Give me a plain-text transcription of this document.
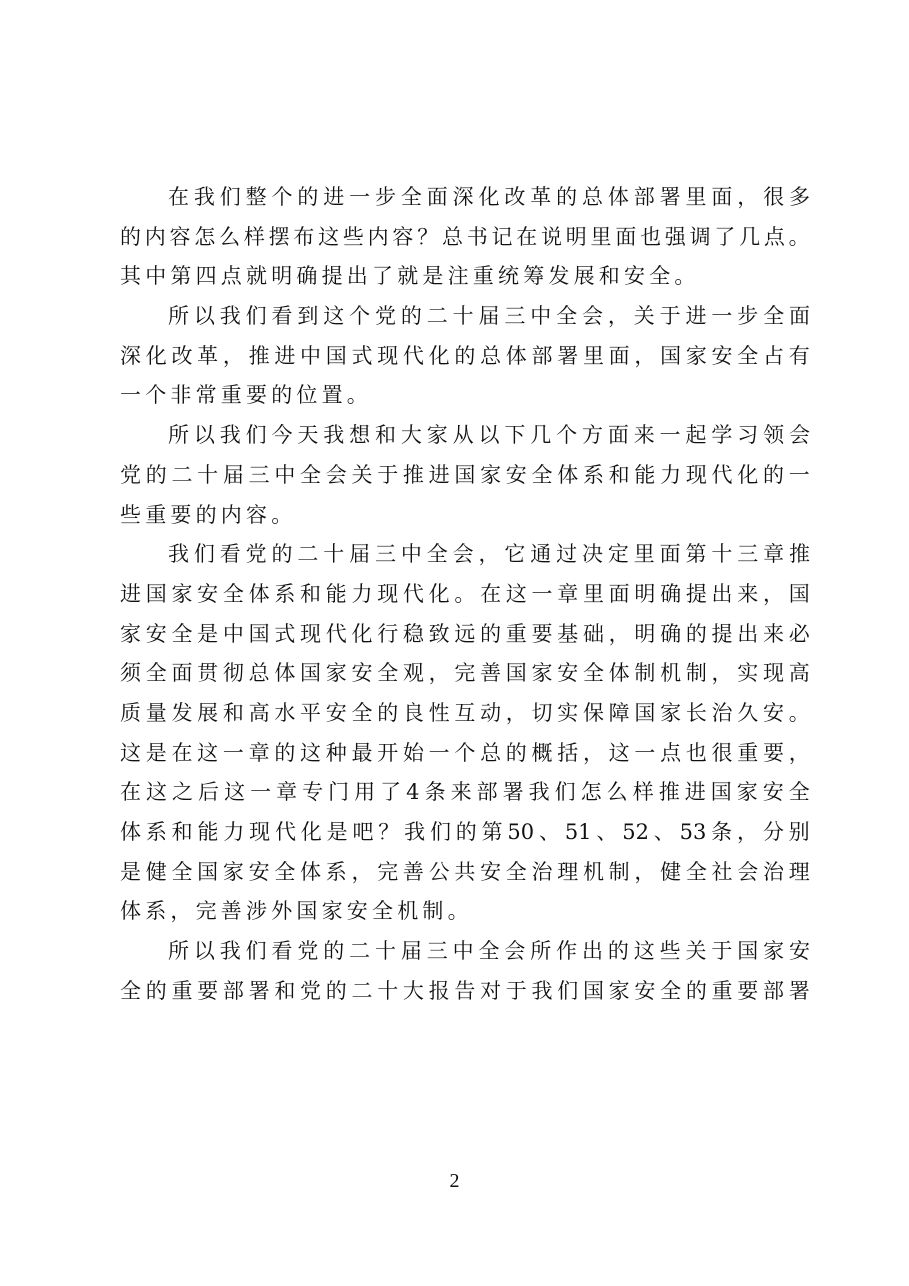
在 我 们 整 个 的 进 一 步 全 面 深 化 改 革 的 总 体 部 署 里 面 ， 很 多
的 内 容 怎 么 样 摆 布 这 些 内 容 ？ 总 书 记 在 说 明 里 面 也 强 调 了 几 点 。
其中第四点就明确提出了就是注重统筹发展和安全。
所 以 我 们 看 到 这 个 党 的 二 十 届 三 中 全 会 ， 关 于 进 一 步 全 面
深 化 改 革 ， 推 进 中 国 式 现 代 化 的 总 体 部 署 里 面 ， 国 家 安 全 占 有
一个非常重要的位置。
所 以 我 们 今 天 我 想 和 大 家 从 以 下 几 个 方 面 来 一 起 学 习 领 会
党 的 二 十 届 三 中 全 会 关 于 推 进 国 家 安 全 体 系 和 能 力 现 代 化 的 一
些重要的内容。
我 们 看 党 的 二 十 届 三 中 全 会 ， 它 通 过 决 定 里 面 第 十 三 章 推
进 国 家 安 全 体 系 和 能 力 现 代 化 。 在 这 一 章 里 面 明 确 提 出 来 ， 国
家 安 全 是 中 国 式 现 代 化 行 稳 致 远 的 重 要 基 础 ， 明 确 的 提 出 来 必
须 全 面 贯 彻 总 体 国 家 安 全 观 ， 完 善 国 家 安 全 体 制 机 制 ， 实 现 高
质 量 发 展 和 高 水 平 安 全 的 良 性 互 动 ， 切 实 保 障 国 家 长 治 久 安 。
这 是 在 这 一 章 的 这 种 最 开 始 一 个 总 的 概 括 ， 这 一 点 也 很 重 要 ，
在 这 之 后 这 一 章 专 门 用 了 4 条 来 部 署 我 们 怎 么 样 推 进 国 家 安 全
体 系 和 能 力 现 代 化 是 吧 ？ 我 们 的 第 50 、 51 、 52 、 53 条 ， 分 别
是 健 全 国 家 安 全 体 系 ， 完 善 公 共 安 全 治 理 机 制 ， 健 全 社 会 治 理
体系，完善涉外国家安全机制。
所 以 我 们 看 党 的 二 十 届 三 中 全 会 所 作 出 的 这 些 关 于 国 家 安
全 的 重 要 部 署 和 党 的 二 十 大 报 告 对 于 我 们 国 家 安 全 的 重 要 部 署
2
